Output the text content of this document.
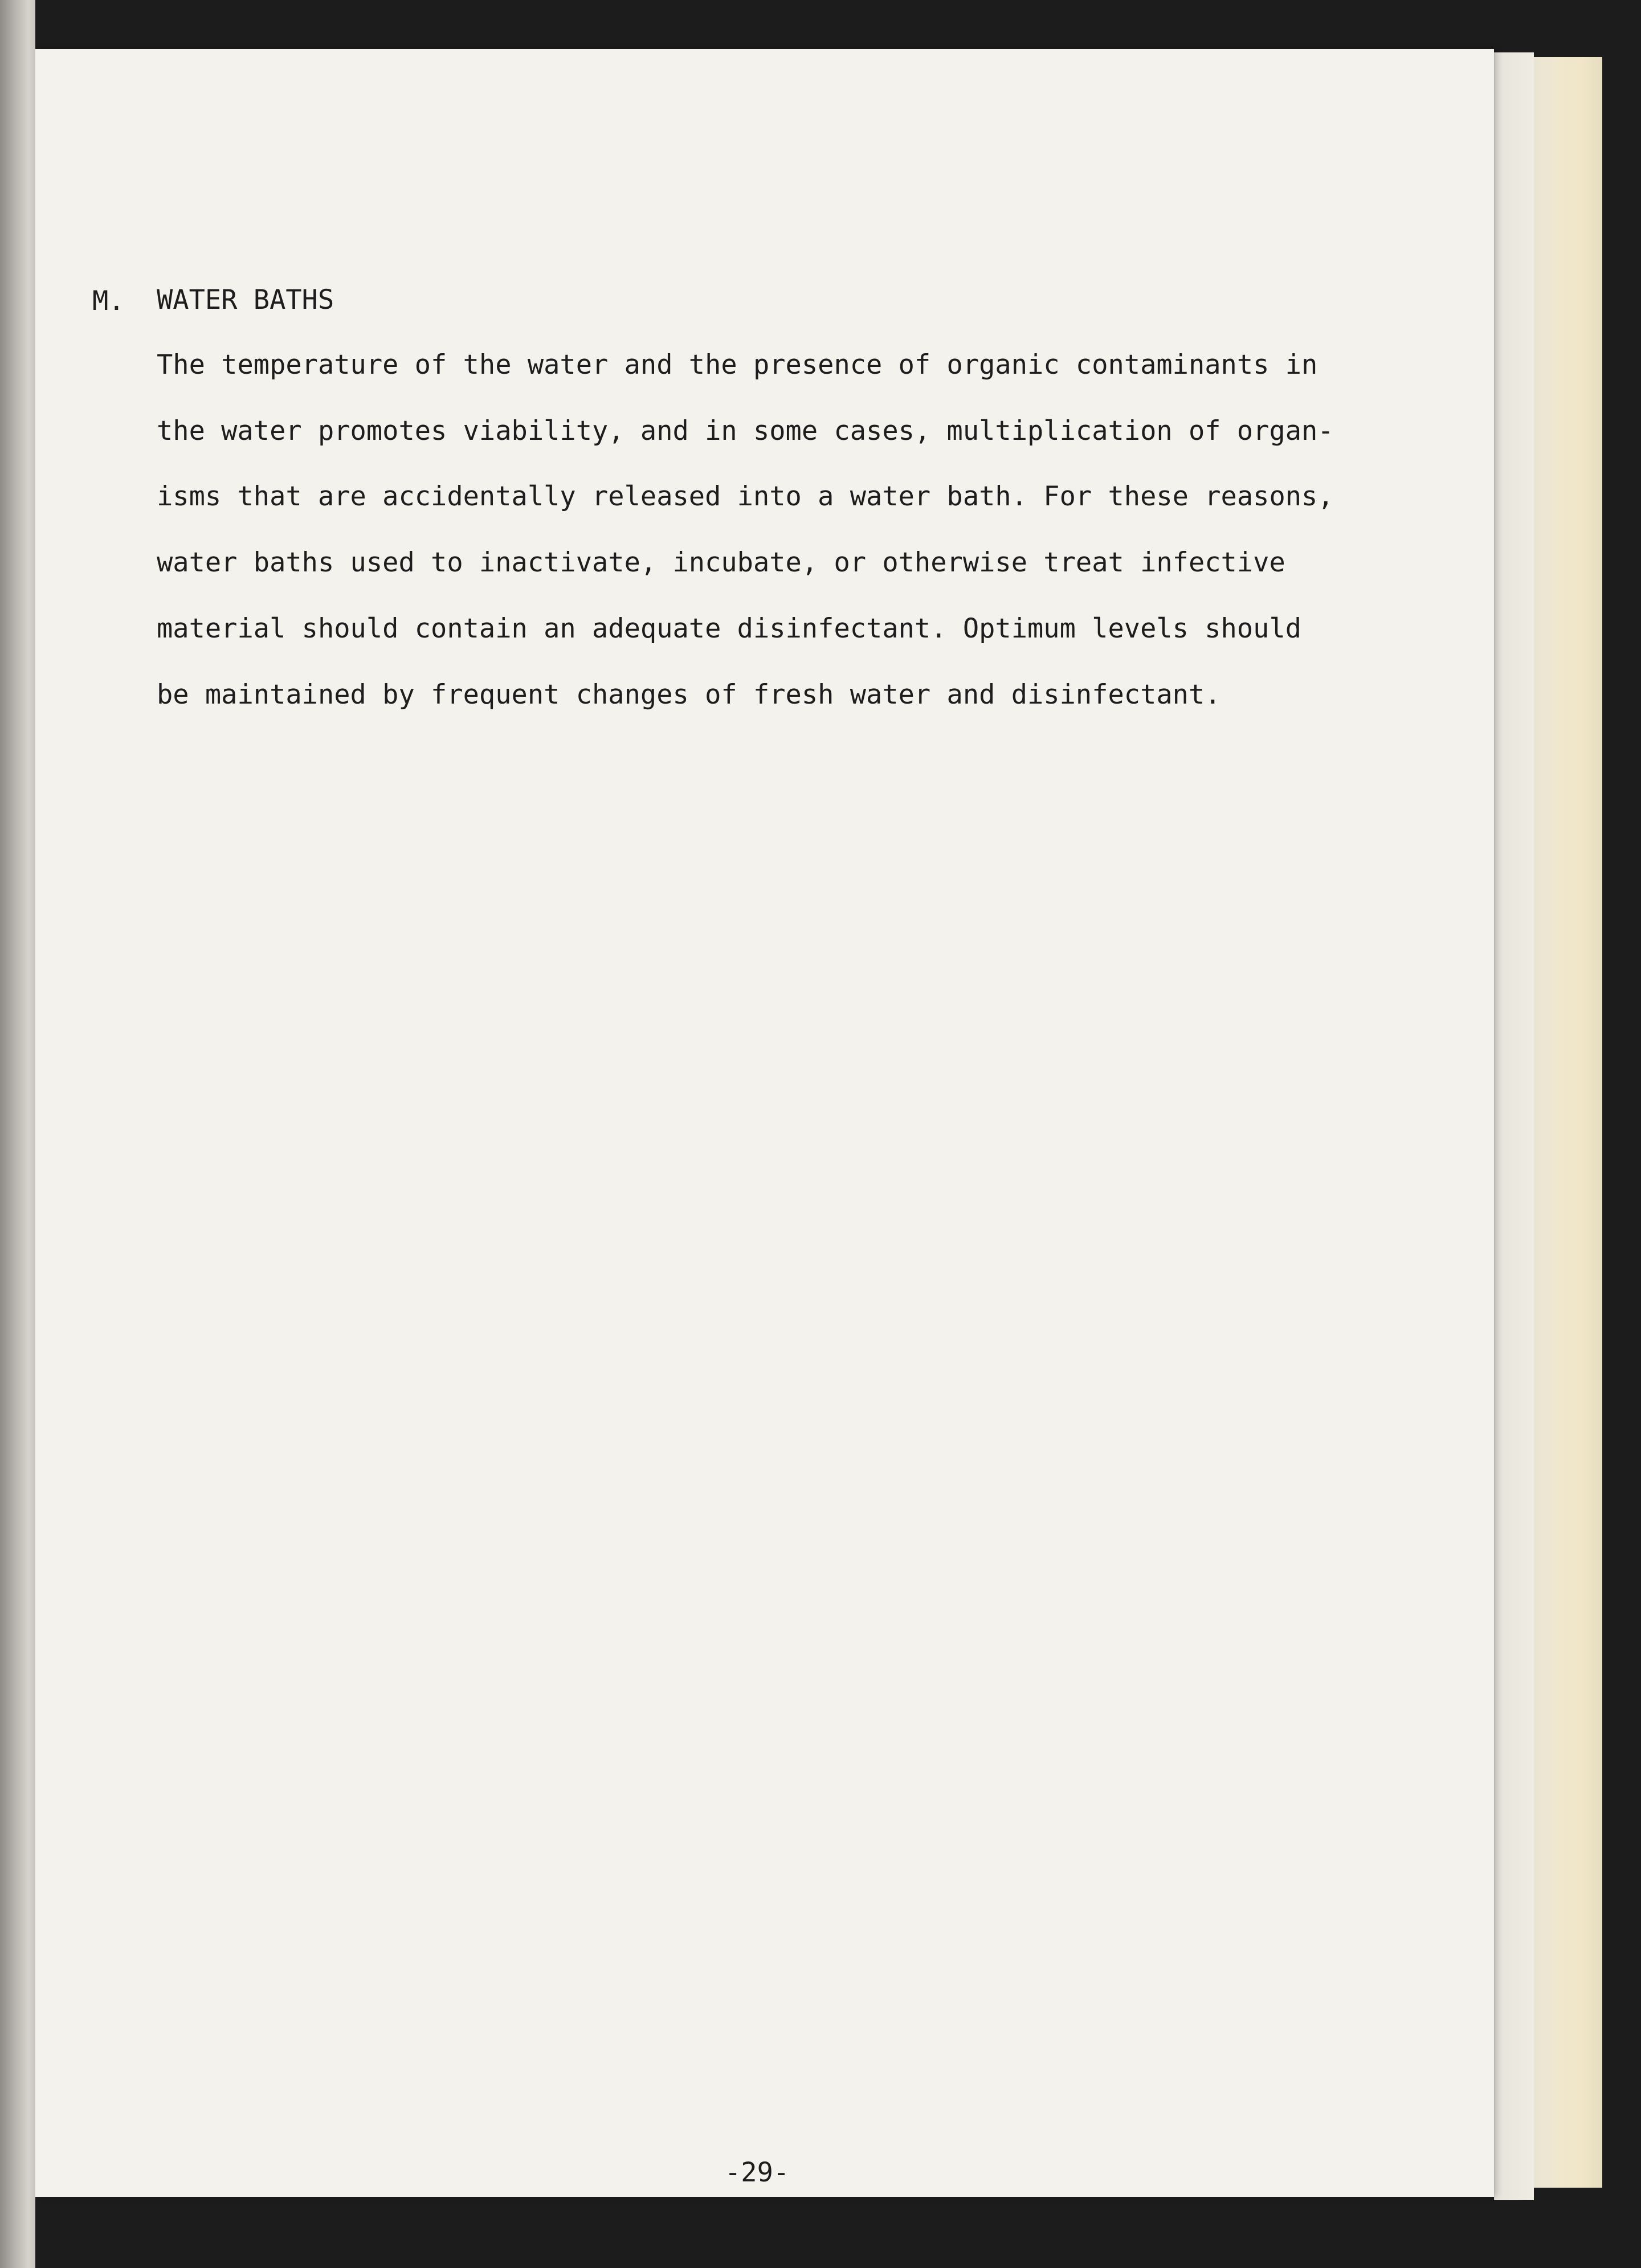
M. WATER BATHS
The temperature of the water and the presence of organic contaminants in
the water promotes viability, and in some cases, multiplication of organ-
isms that are accidentally released into a water bath. For these reasons,
water baths used to inactivate, incubate, or otherwise treat infective
material should contain an adequate disinfectant. Optimum levels should
be maintained by frequent changes of fresh water and disinfectant.
-29-
